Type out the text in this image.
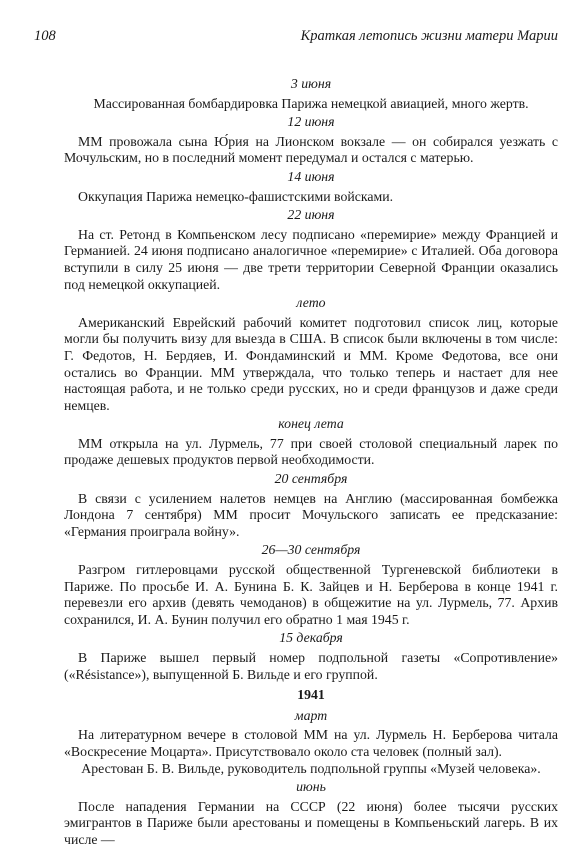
108	Краткая летопись жизни матери Марии
3 июня

Массированная бомбардировка Парижа немецкой авиацией, много жертв.

12 июня

ММ провожала сына Ю́рия на Лионском вокзале — он собирался уезжать с Мочульским, но в последний момент передумал и остался с матерью.

14 июня

Оккупация Парижа немецко-фашистскими войсками.

22 июня

На ст. Ретонд в Компьенском лесу подписано «перемирие» между Францией и Германией. 24 июня подписано аналогичное «перемирие» с Италией. Оба договора вступили в силу 25 июня — две трети территории Северной Франции оказались под немецкой оккупацией.

лето

Американский Еврейский рабочий комитет подготовил список лиц, которые могли бы получить визу для выезда в США. В список были включены в том числе: Г. Федотов, Н. Бердяев, И. Фондаминский и ММ. Кроме Федотова, все они остались во Франции. ММ утверждала, что только теперь и настает для нее настоящая работа, и не только среди русских, но и среди французов и даже среди немцев.

конец лета

ММ открыла на ул. Лурмель, 77 при своей столовой специальный ларек по продаже дешевых продуктов первой необходимости.

20 сентября

В связи с усилением налетов немцев на Англию (массированная бомбежка Лондона 7 сентября) ММ просит Мочульского записать ее предсказание: «Германия проиграла войну».

26—30 сентября

Разгром гитлеровцами русской общественной Тургеневской библиотеки в Париже. По просьбе И. А. Бунина Б. К. Зайцев и Н. Берберова в конце 1941 г. перевезли его архив (девять чемоданов) в общежитие на ул. Лурмель, 77. Архив сохранился, И. А. Бунин получил его обратно 1 мая 1945 г.

15 декабря

В Париже вышел первый номер подпольной газеты «Сопротивление» («Résistance»), выпущенной Б. Вильде и его группой.

1941
март

На литературном вечере в столовой ММ на ул. Лурмель Н. Берберова читала «Воскресение Моцарта». Присутствовало около ста человек (полный зал).

Арестован Б. В. Вильде, руководитель подпольной группы «Музей человека».

июнь

После нападения Германии на СССР (22 июня) более тысячи русских эмигрантов в Париже были арестованы и помещены в Компьеньский лагерь. В их числе —
